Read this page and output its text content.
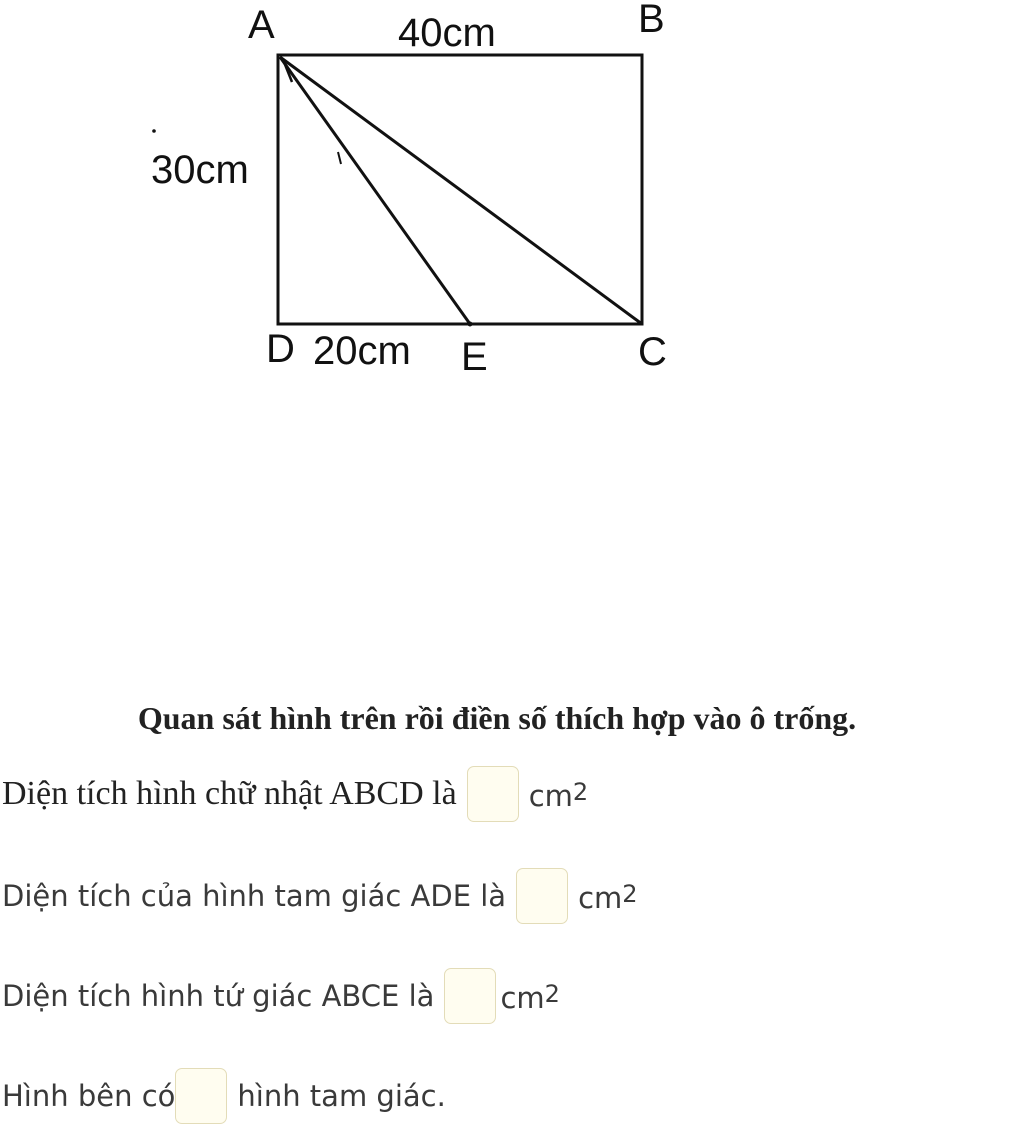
A	B
C
D	E
40cm
30cm
20cm
Quan sát hình trên rồi điền số thích hợp vào ô trống.
Diện tích hình chữ nhật ABCD là $cm^2$
Diện tích của hình tam giác ADE là $cm^2$
Diện tích hình tứ giác ABCE là $cm^2$
Hình bên có hình tam giác.
